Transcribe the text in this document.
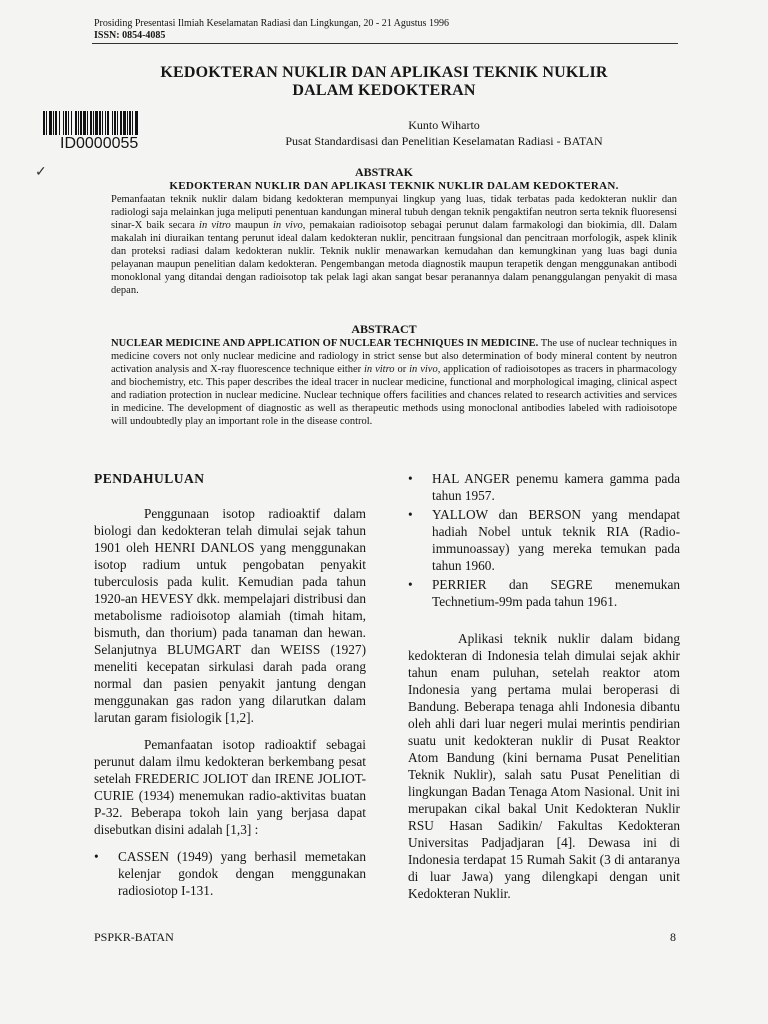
Prosiding Presentasi Ilmiah Keselamatan Radiasi dan Lingkungan, 20 - 21 Agustus 1996
ISSN: 0854-4085
KEDOKTERAN NUKLIR DAN APLIKASI TEKNIK NUKLIR
DALAM KEDOKTERAN
ID0000055
✓
Kunto Wiharto
Pusat Standardisasi dan Penelitian Keselamatan Radiasi - BATAN
ABSTRAK
KEDOKTERAN NUKLIR DAN APLIKASI TEKNIK NUKLIR DALAM KEDOKTERAN.
Pemanfaatan teknik nuklir dalam bidang kedokteran mempunyai lingkup yang luas, tidak terbatas pada kedokteran nuklir dan radiologi saja melainkan juga meliputi penentuan kandungan mineral tubuh dengan teknik pengaktifan neutron serta teknik fluoresensi sinar-X baik secara in vitro maupun in vivo, pemakaian radioisotop sebagai perunut dalam farmakologi dan biokimia, dll. Dalam makalah ini diuraikan tentang perunut ideal dalam kedokteran nuklir, pencitraan fungsional dan pencitraan morfologik, aspek klinik dan proteksi radiasi dalam kedokteran nuklir. Teknik nuklir menawarkan kemudahan dan kemungkinan yang luas bagi dunia pelayanan maupun penelitian dalam kedokteran. Pengembangan metoda diagnostik maupun terapetik dengan menggunakan antibodi monoklonal yang ditandai dengan radioisotop tak pelak lagi akan sangat besar peranannya dalam penanggulangan penyakit di masa depan.
ABSTRACT
NUCLEAR MEDICINE AND APPLICATION OF NUCLEAR TECHNIQUES IN MEDICINE. The use of nuclear techniques in medicine covers not only nuclear medicine and radiology in strict sense but also determination of body mineral content by neutron activation analysis and X-ray fluorescence technique either in vitro or in vivo, application of radioisotopes as tracers in pharmacology and biochemistry, etc. This paper describes the ideal tracer in nuclear medicine, functional and morphological imaging, clinical aspect and radiation protection in nuclear medicine. Nuclear technique offers facilities and chances related to research activities and services in medicine. The development of diagnostic as well as therapeutic methods using monoclonal antibodies labeled with radioisotope will undoubtedly play an important role in the disease control.
PENDAHULUAN

Penggunaan isotop radioaktif dalam biologi dan kedokteran telah dimulai sejak tahun 1901 oleh HENRI DANLOS yang menggunakan isotop radium untuk pengobatan penyakit tuberculosis pada kulit. Kemudian pada tahun 1920-an HEVESY dkk. mempelajari distribusi dan metabolisme radioisotop alamiah (timah hitam, bismuth, dan thorium) pada tanaman dan hewan. Selanjutnya BLUMGART dan WEISS (1927) meneliti kecepatan sirkulasi darah pada orang normal dan pasien penyakit jantung dengan menggunakan gas radon yang dilarutkan dalam larutan garam fisiologik [1,2].

Pemanfaatan isotop radioaktif sebagai perunut dalam ilmu kedokteran berkembang pesat setelah FREDERIC JOLIOT dan IRENE JOLIOT-CURIE (1934) menemukan radio-aktivitas buatan P-32. Beberapa tokoh lain yang berjasa dapat disebutkan disini adalah [1,3] :

• CASSEN (1949) yang berhasil memetakan kelenjar gondok dengan menggunakan radiosiotop I-131.
• HAL ANGER penemu kamera gamma pada tahun 1957.
• YALLOW dan BERSON yang mendapat hadiah Nobel untuk teknik RIA (Radio-immunoassay) yang mereka temukan pada tahun 1960.
• PERRIER dan SEGRE menemukan Technetium-99m pada tahun 1961.

Aplikasi teknik nuklir dalam bidang kedokteran di Indonesia telah dimulai sejak akhir tahun enam puluhan, setelah reaktor atom Indonesia yang pertama mulai beroperasi di Bandung. Beberapa tenaga ahli Indonesia dibantu oleh ahli dari luar negeri mulai merintis pendirian suatu unit kedokteran nuklir di Pusat Reaktor Atom Bandung (kini bernama Pusat Penelitian Teknik Nuklir), salah satu Pusat Penelitian di lingkungan Badan Tenaga Atom Nasional. Unit ini merupakan cikal bakal Unit Kedokteran Nuklir RSU Hasan Sadikin/ Fakultas Kedokteran Universitas Padjadjaran [4]. Dewasa ini di Indonesia terdapat 15 Rumah Sakit (3 di antaranya di luar Jawa) yang dilengkapi dengan unit Kedokteran Nuklir.

PSPKR-BATAN	8
